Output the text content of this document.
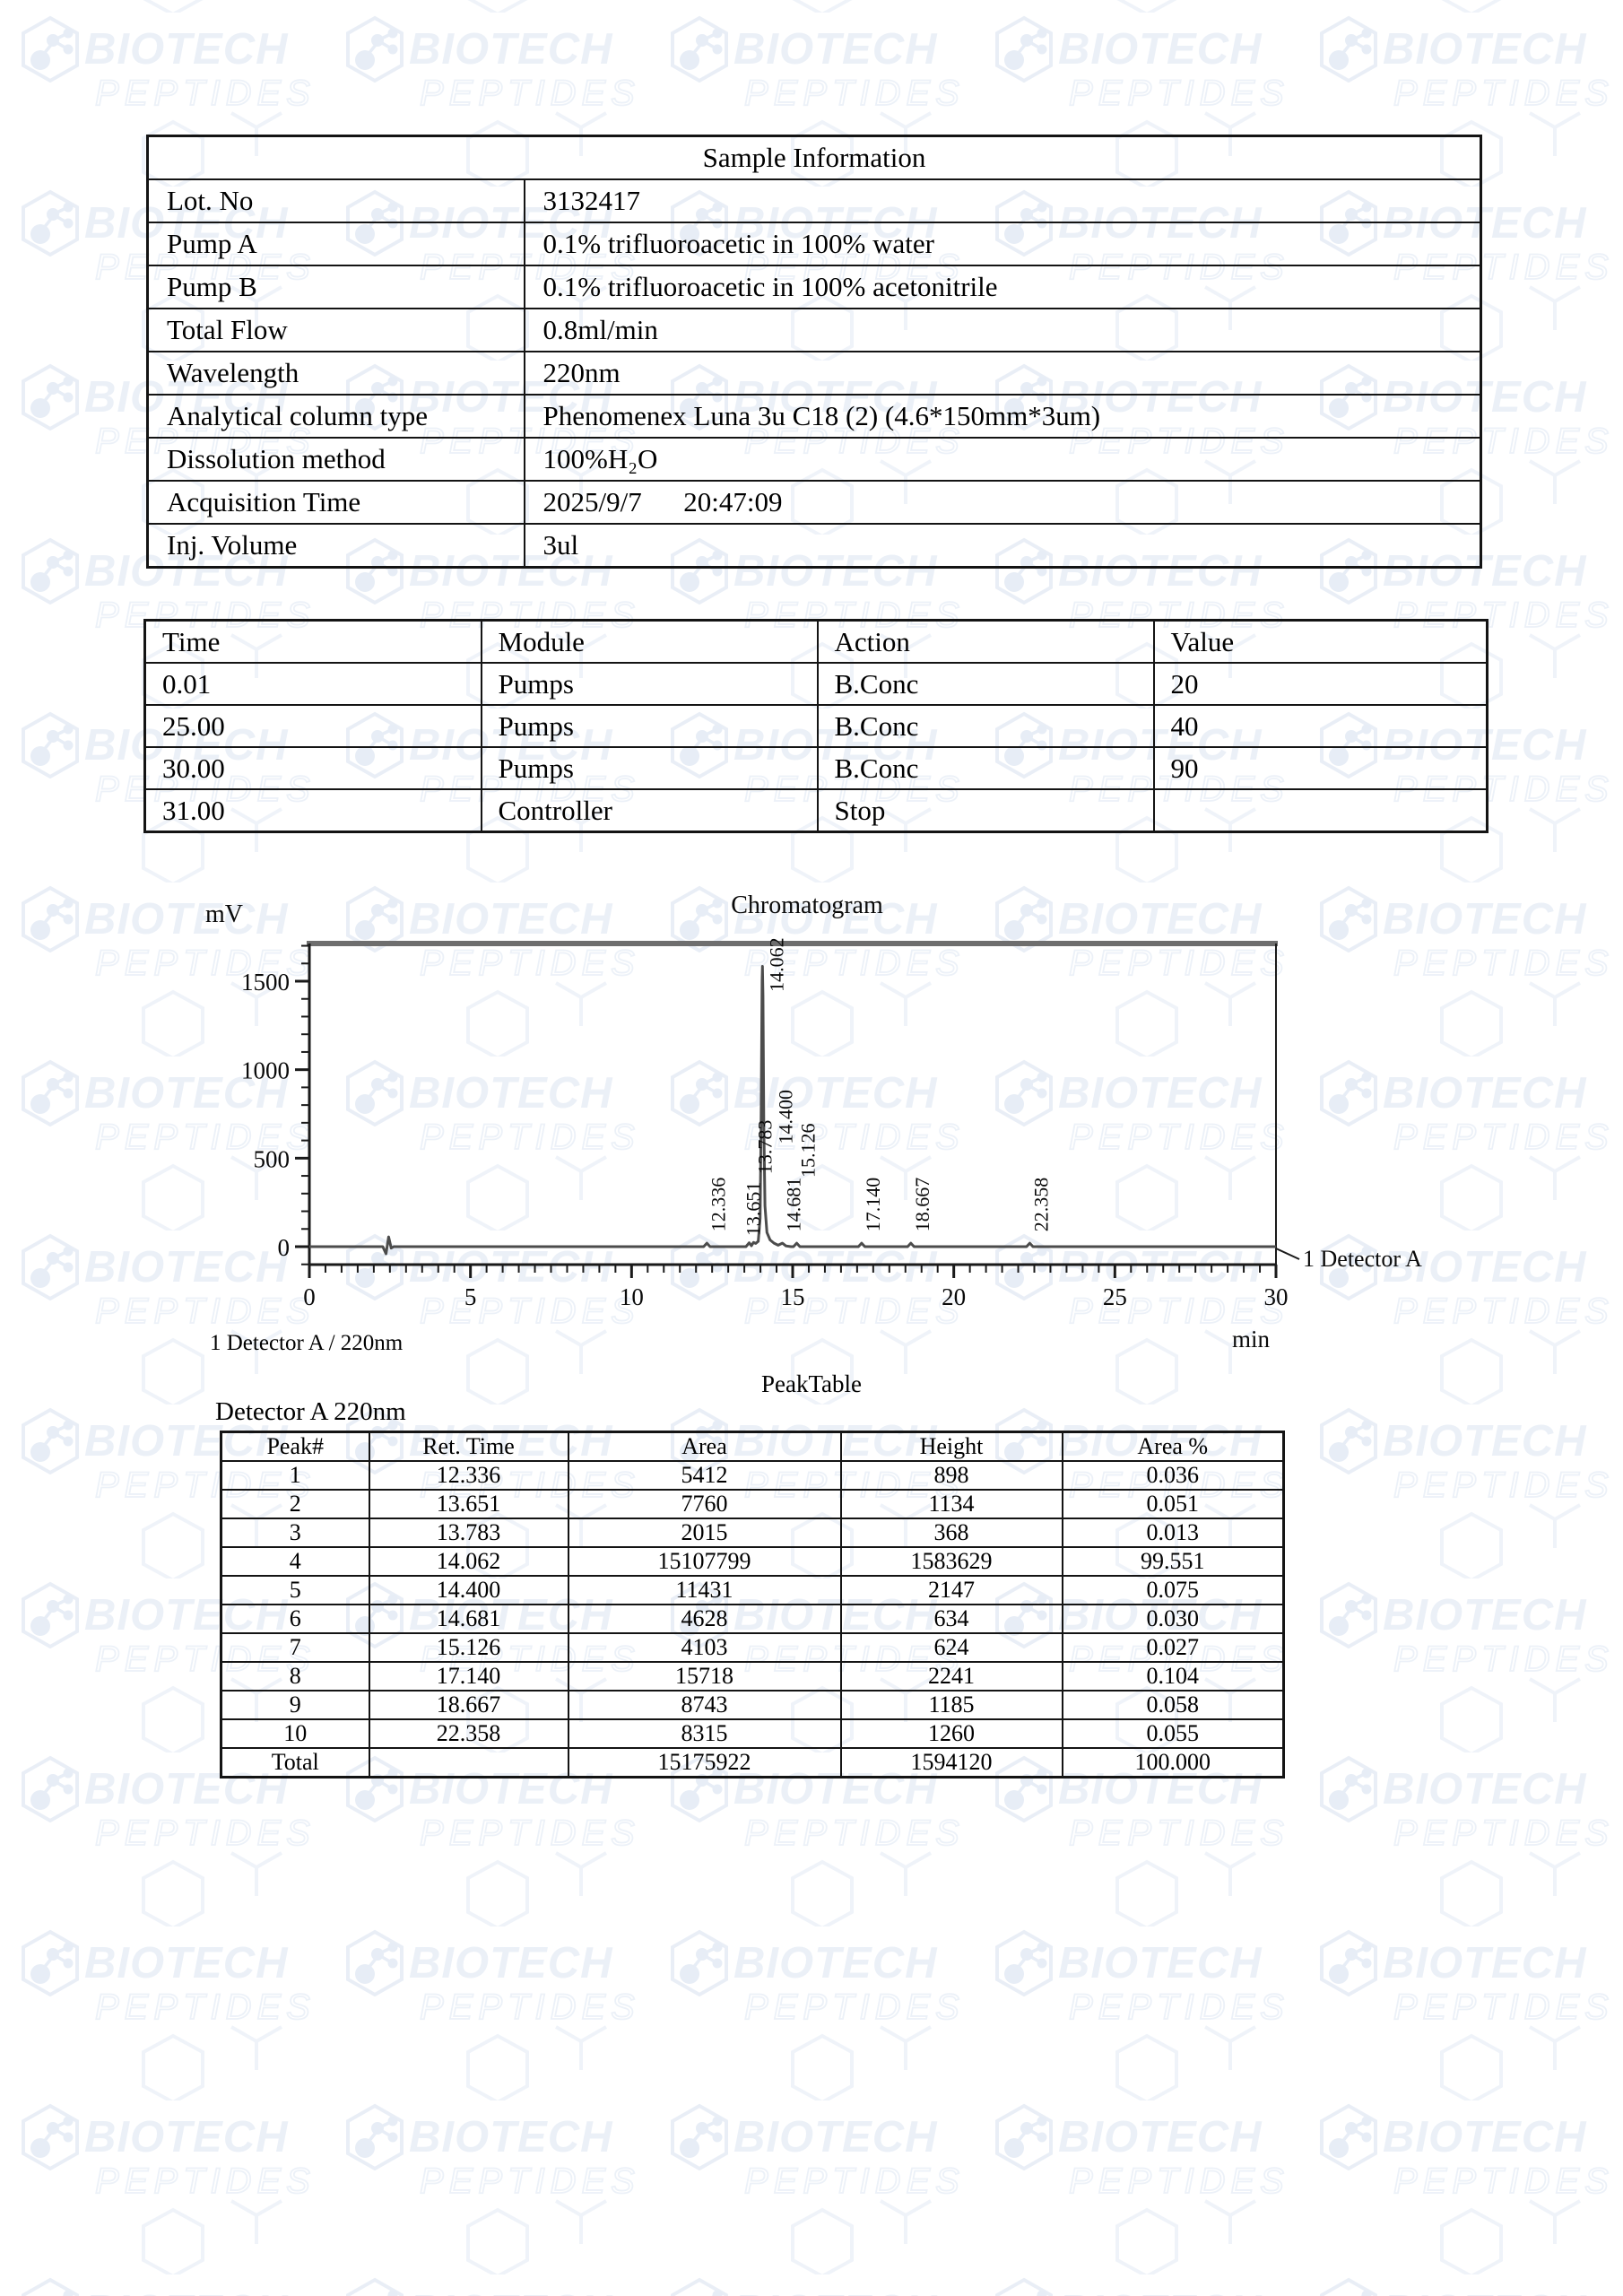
Sample Information	
Lot. No	3132417
Pump A	0.1% trifluoroacetic in 100% water
Pump B	0.1% trifluoroacetic in 100% acetonitrile
Total Flow	0.8ml/min
Wavelength	220nm
Analytical column type	Phenomenex Luna 3u C18 (2) (4.6*150mm*3um)
Dissolution method	100%H₂O
Acquisition Time	2025/9/7      20:47:09
Inj. Volume	3ul
Time	Module	Action	Value
0.01	Pumps	B.Conc	20
25.00	Pumps	B.Conc	40
30.00	Pumps	B.Conc	90
31.00	Controller	Stop	
0
500
1000
1500
0	5	10	15	20	25	30
12.336 13.651
13.783
14.062
14.400
14.681
15.126
17.140 18.667	22.358
Chromatogram
mV
min
1 Detector A
1 Detector A / 220nm
PeakTable
Detector A 220nm
Peak#	Ret. Time	Area	Height	Area %
1	12.336	5412	898	0.036
2	13.651	7760	1134	0.051
3	13.783	2015	368	0.013
4	14.062	15107799	1583629	99.551
5	14.400	11431	2147	0.075
6	14.681	4628	634	0.030
7	15.126	4103	624	0.027
8	17.140	15718	2241	0.104
9	18.667	8743	1185	0.058
10	22.358	8315	1260	0.055
Total		15175922	1594120	100.000
